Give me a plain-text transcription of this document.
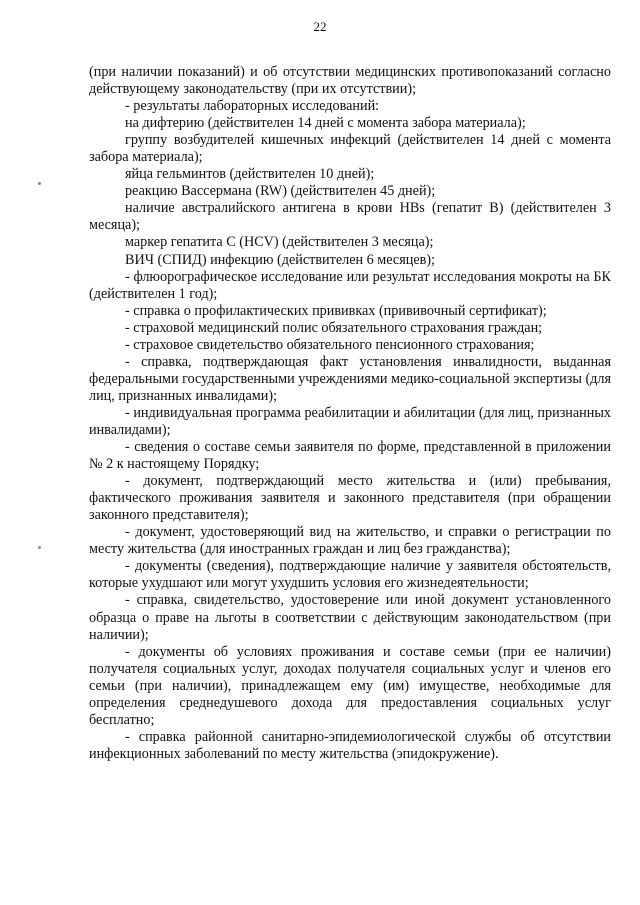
22

(при наличии показаний) и об отсутствии медицинских противопоказаний согласно действующему законодательству (при их отсутствии);

- результаты лабораторных исследований:

на дифтерию (действителен 14 дней с момента забора материала);

группу возбудителей кишечных инфекций (действителен 14 дней с момента забора материала);

яйца гельминтов (действителен 10 дней);

реакцию Вассермана (RW) (действителен 45 дней);

наличие австралийского антигена в крови HBs (гепатит В) (действителен 3 месяца);

маркер гепатита С (HCV) (действителен 3 месяца);

ВИЧ (СПИД) инфекцию (действителен 6 месяцев);

- флюорографическое исследование или результат исследования мокроты на БК (действителен 1 год);

- справка о профилактических прививках (прививочный сертификат);

- страховой медицинский полис обязательного страхования граждан;

- страховое свидетельство обязательного пенсионного страхования;

- справка, подтверждающая факт установления инвалидности, выданная федеральными государственными учреждениями медико-социальной экспертизы (для лиц, признанных инвалидами);

- индивидуальная программа реабилитации и абилитации (для лиц, признанных инвалидами);

- сведения о составе семьи заявителя по форме, представленной в приложении № 2 к настоящему Порядку;

- документ, подтверждающий место жительства и (или) пребывания, фактического проживания заявителя и законного представителя (при обращении законного представителя);

- документ, удостоверяющий вид на жительство, и справки о регистрации по месту жительства (для иностранных граждан и лиц без гражданства);

- документы (сведения), подтверждающие наличие у заявителя обстоятельств, которые ухудшают или могут ухудшить условия его жизнедеятельности;

- справка, свидетельство, удостоверение или иной документ установленного образца о праве на льготы в соответствии с действующим законодательством (при наличии);

- документы об условиях проживания и составе семьи (при ее наличии) получателя социальных услуг, доходах получателя социальных услуг и членов его семьи (при наличии), принадлежащем ему (им) имуществе, необходимые для определения среднедушевого дохода для предоставления социальных услуг бесплатно;

- справка районной санитарно-эпидемиологической службы об отсутствии инфекционных заболеваний по месту жительства (эпидокружение).
